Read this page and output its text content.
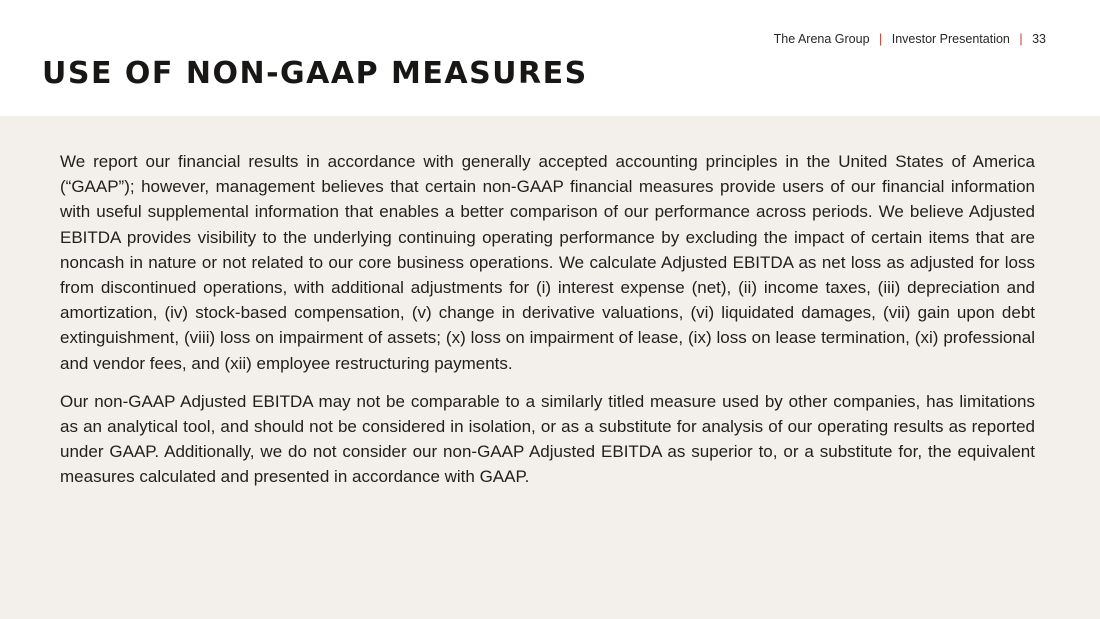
The Arena Group | Investor Presentation | 33
USE OF NON-GAAP MEASURES

We report our financial results in accordance with generally accepted accounting principles in the United States of America (“GAAP”); however, management believes that certain non-GAAP financial measures provide users of our financial information with useful supplemental information that enables a better comparison of our performance across periods. We believe Adjusted EBITDA provides visibility to the underlying continuing operating performance by excluding the impact of certain items that are noncash in nature or not related to our core business operations. We calculate Adjusted EBITDA as net loss as adjusted for loss from discontinued operations, with additional adjustments for (i) interest expense (net), (ii) income taxes, (iii) depreciation and amortization, (iv) stock-based compensation, (v) change in derivative valuations, (vi) liquidated damages, (vii) gain upon debt extinguishment, (viii) loss on impairment of assets; (x) loss on impairment of lease, (ix) loss on lease termination, (xi) professional and vendor fees, and (xii) employee restructuring payments.

Our non-GAAP Adjusted EBITDA may not be comparable to a similarly titled measure used by other companies, has limitations as an analytical tool, and should not be considered in isolation, or as a substitute for analysis of our operating results as reported under GAAP. Additionally, we do not consider our non-GAAP Adjusted EBITDA as superior to, or a substitute for, the equivalent measures calculated and presented in accordance with GAAP.
